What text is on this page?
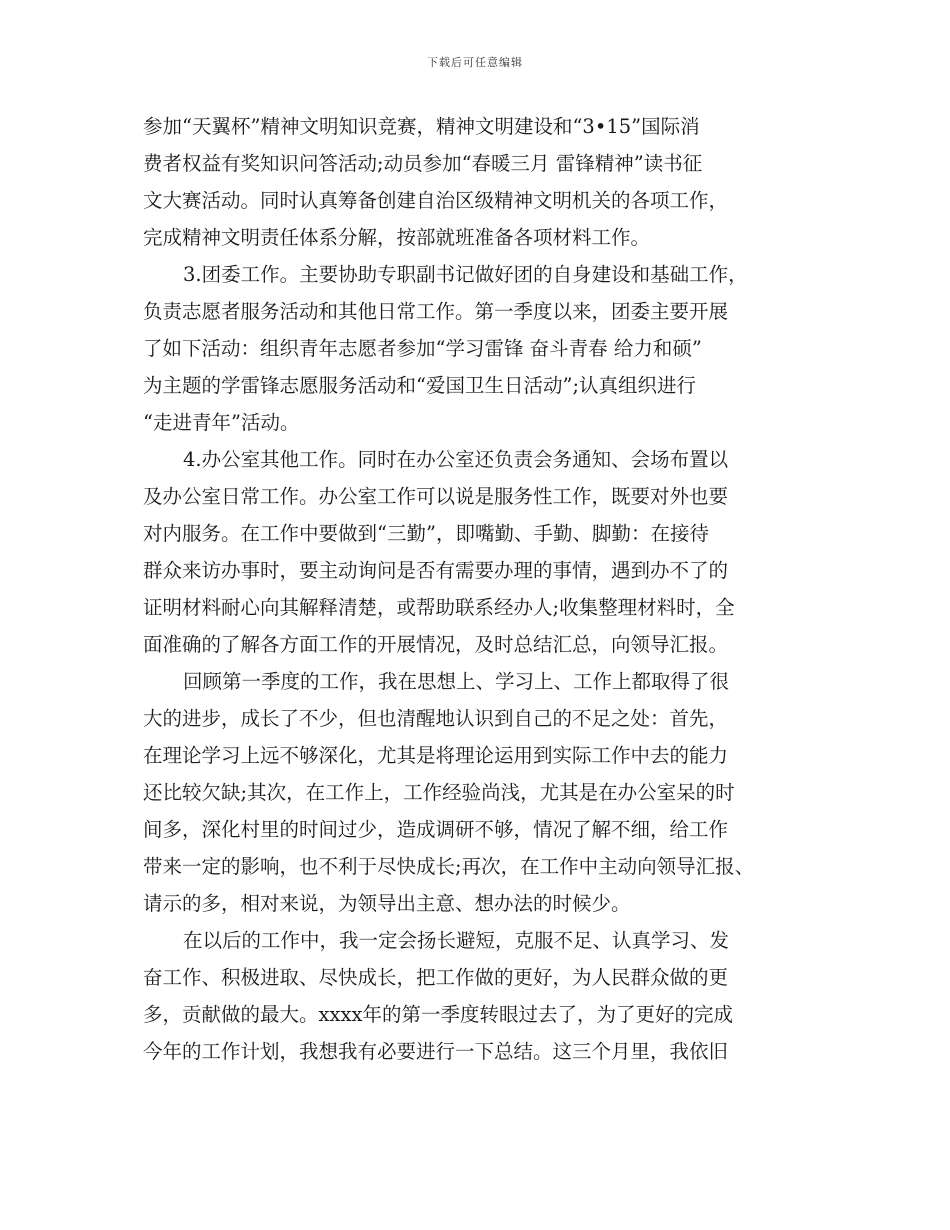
下载后可任意编辑
参加“天翼杯”精神文明知识竞赛，精神文明建设和“3•15”国际消
费者权益有奖知识问答活动;动员参加“春暖三月 雷锋精神”读书征
文大赛活动。同时认真筹备创建自治区级精神文明机关的各项工作，
完成精神文明责任体系分解，按部就班准备各项材料工作。
3.团委工作。主要协助专职副书记做好团的自身建设和基础工作，
负责志愿者服务活动和其他日常工作。第一季度以来，团委主要开展
了如下活动：组织青年志愿者参加“学习雷锋 奋斗青春 给力和硕”
为主题的学雷锋志愿服务活动和“爱国卫生日活动”;认真组织进行
“走进青年”活动。
4.办公室其他工作。同时在办公室还负责会务通知、会场布置以
及办公室日常工作。办公室工作可以说是服务性工作，既要对外也要
对内服务。在工作中要做到“三勤”，即嘴勤、手勤、脚勤：在接待
群众来访办事时，要主动询问是否有需要办理的事情，遇到办不了的
证明材料耐心向其解释清楚，或帮助联系经办人;收集整理材料时，全
面准确的了解各方面工作的开展情况，及时总结汇总，向领导汇报。
回顾第一季度的工作，我在思想上、学习上、工作上都取得了很
大的进步，成长了不少，但也清醒地认识到自己的不足之处：首先，
在理论学习上远不够深化，尤其是将理论运用到实际工作中去的能力
还比较欠缺;其次，在工作上，工作经验尚浅，尤其是在办公室呆的时
间多，深化村里的时间过少，造成调研不够，情况了解不细，给工作
带来一定的影响，也不利于尽快成长;再次，在工作中主动向领导汇报、
请示的多，相对来说，为领导出主意、想办法的时候少。
在以后的工作中，我一定会扬长避短，克服不足、认真学习、发
奋工作、积极进取、尽快成长，把工作做的更好，为人民群众做的更
多，贡献做的最大。xxxx年的第一季度转眼过去了，为了更好的完成
今年的工作计划，我想我有必要进行一下总结。这三个月里，我依旧
